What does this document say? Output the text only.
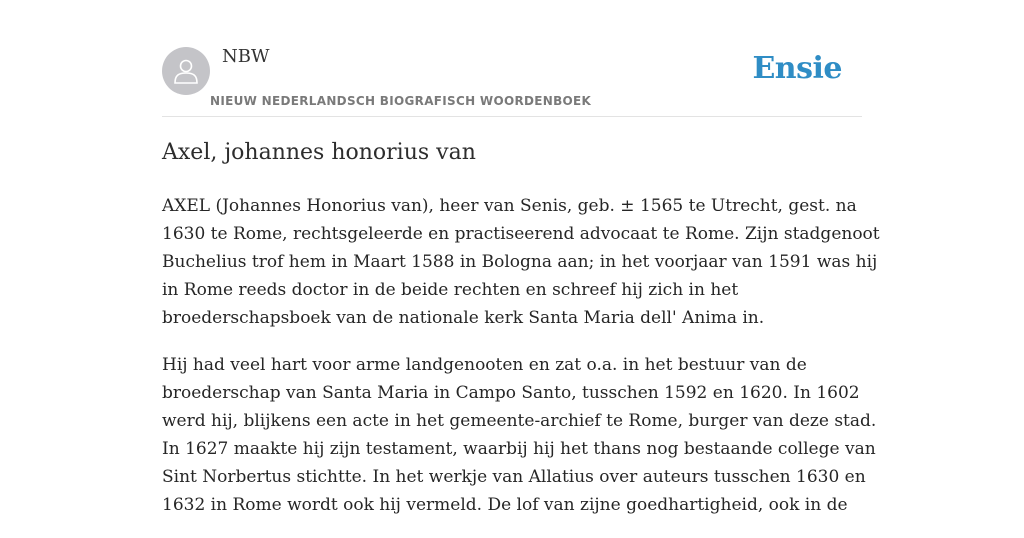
NBW
NIEUW NEDERLANDSCH BIOGRAFISCH WOORDENBOEK
Ensie
Axel, johannes honorius van

AXEL (Johannes Honorius van), heer van Senis, geb. ± 1565 te Utrecht, gest. na
1630 te Rome, rechtsgeleerde en practiseerend advocaat te Rome. Zijn stadgenoot
Buchelius trof hem in Maart 1588 in Bologna aan; in het voorjaar van 1591 was hij
in Rome reeds doctor in de beide rechten en schreef hij zich in het
broederschapsboek van de nationale kerk Santa Maria dell' Anima in.

Hij had veel hart voor arme landgenooten en zat o.a. in het bestuur van de
broederschap van Santa Maria in Campo Santo, tusschen 1592 en 1620. In 1602
werd hij, blijkens een acte in het gemeente-archief te Rome, burger van deze stad.
In 1627 maakte hij zijn testament, waarbij hij het thans nog bestaande college van
Sint Norbertus stichtte. In het werkje van Allatius over auteurs tusschen 1630 en
1632 in Rome wordt ook hij vermeld. De lof van zijne goedhartigheid, ook in de
